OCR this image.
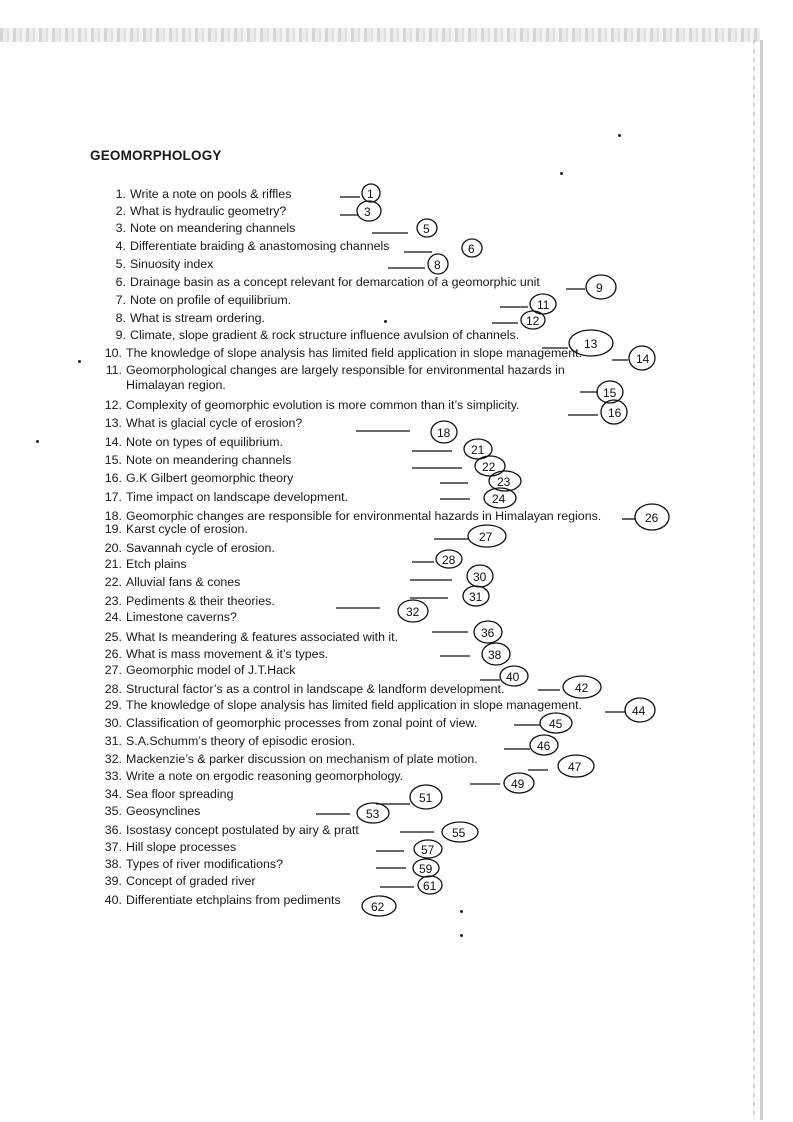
GEOMORPHOLOGY
1. Write a note on pools & riffles
2. What is hydraulic geometry?
3. Note on meandering channels
4. Differentiate braiding & anastomosing channels
5. Sinuosity index
6. Drainage basin as a concept relevant for demarcation of a geomorphic unit
7. Note on profile of equilibrium.
8. What is stream ordering.
9. Climate, slope gradient & rock structure influence avulsion of channels.
10. The knowledge of slope analysis has limited field application in slope management.
11. Geomorphological changes are largely responsible for environmental hazards in
Himalayan region.
12. Complexity of geomorphic evolution is more common than it’s simplicity.
13. What is glacial cycle of erosion?
14. Note on types of equilibrium.
15. Note on meandering channels
16. G.K Gilbert geomorphic theory
17. Time impact on landscape development.
18. Geomorphic changes are responsible for environmental hazards in Himalayan regions.
19. Karst cycle of erosion.
20. Savannah cycle of erosion.
21. Etch plains
22. Alluvial fans & cones
23. Pediments & their theories.
24. Limestone caverns?
25. What Is meandering & features associated with it.
26. What is mass movement & it’s types.
27. Geomorphic model of J.T.Hack
28. Structural factor’s as a control in landscape & landform development.
29. The knowledge of slope analysis has limited field application in slope management.
30. Classification of geomorphic processes from zonal point of view.
31. S.A.Schumm’s theory of episodic erosion.
32. Mackenzie’s & parker discussion on mechanism of plate motion.
33. Write a note on ergodic reasoning geomorphology.
34. Sea floor spreading
35. Geosynclines
36. Isostasy concept postulated by airy & pratt
37. Hill slope processes
38. Types of river modifications?
39. Concept of graded river
40. Differentiate etchplains from pediments
1
3
5
6
8
9
11
12
13
14
15
16
18
21
22
23
24
26
27
28
30
31
32
36
38
40
42
44
45
46
47
49
51
53
55
57
59
61
62
